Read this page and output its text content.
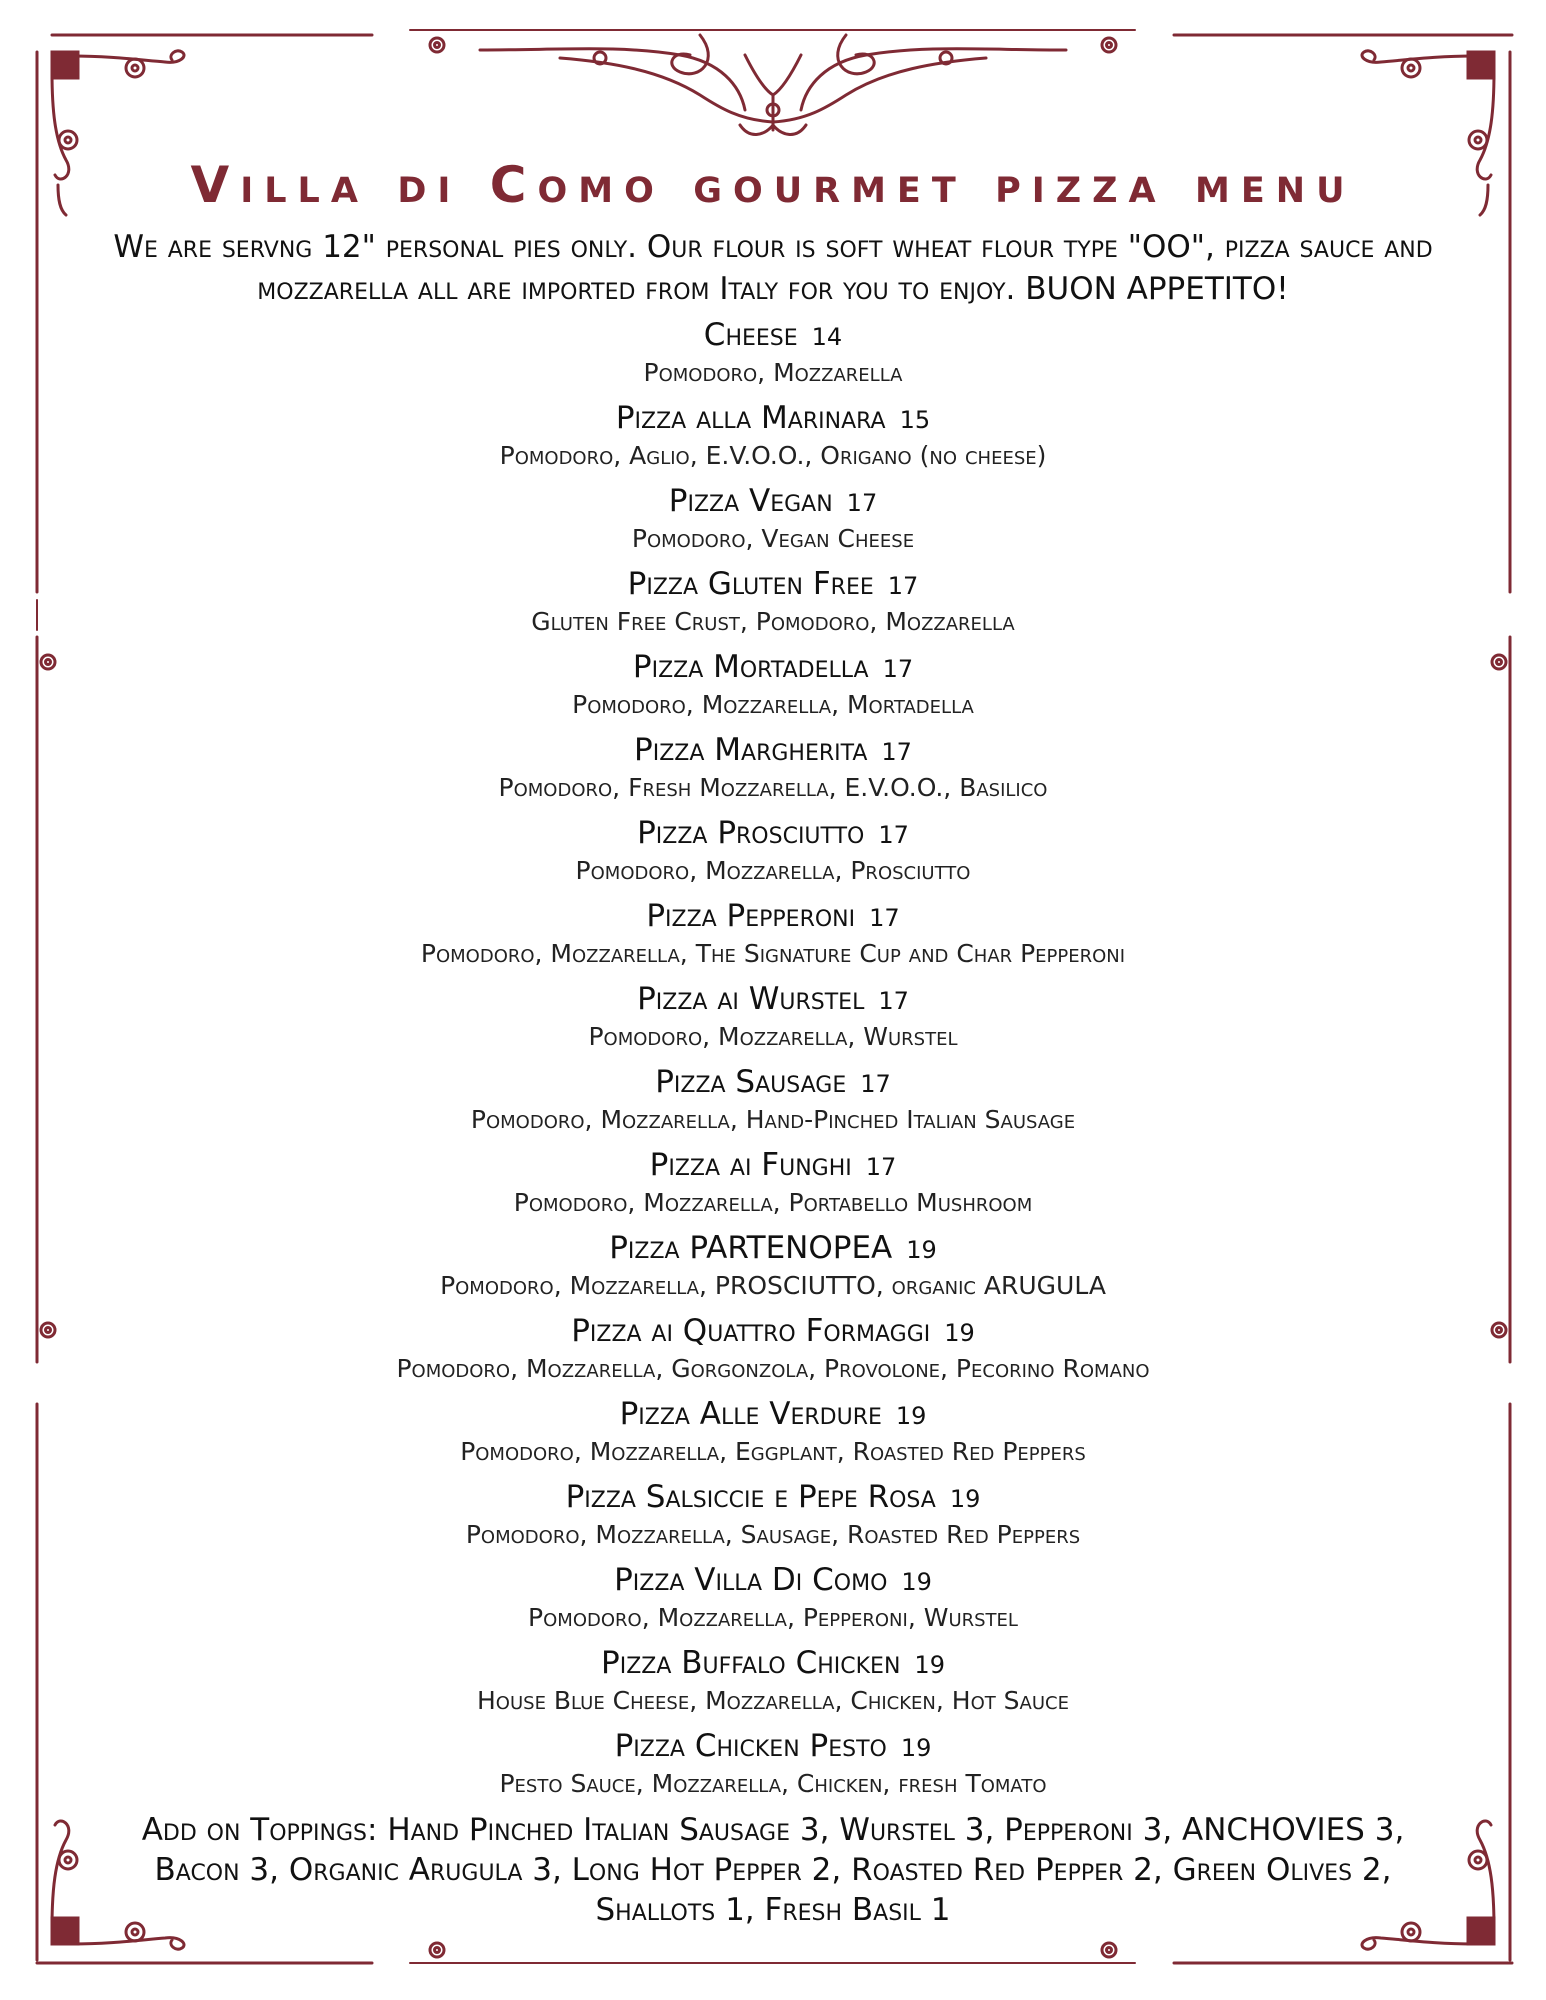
Villa di Como gourmet pizza menu

We are servng 12" personal pies only. Our flour is soft wheat flour type "OO", pizza sauce and mozzarella all are imported from Italy for you to enjoy. BUON APPETITO!

Cheese 14
Pomodoro, Mozzarella
Pizza alla Marinara 15
Pomodoro, Aglio, E.V.O.O., Origano (no cheese)
Pizza Vegan 17
Pomodoro, Vegan Cheese
Pizza Gluten Free 17
Gluten Free Crust, Pomodoro, Mozzarella
Pizza Mortadella 17
Pomodoro, Mozzarella, Mortadella
Pizza Margherita 17
Pomodoro, Fresh Mozzarella, E.V.O.O., Basilico
Pizza Prosciutto 17
Pomodoro, Mozzarella, Prosciutto
Pizza Pepperoni 17
Pomodoro, Mozzarella, The Signature Cup and Char Pepperoni
Pizza ai Wurstel 17
Pomodoro, Mozzarella, Wurstel
Pizza Sausage 17
Pomodoro, Mozzarella, Hand-Pinched Italian Sausage
Pizza ai Funghi 17
Pomodoro, Mozzarella, Portabello Mushroom
Pizza PARTENOPEA 19
Pomodoro, Mozzarella, PROSCIUTTO, organic ARUGULA
Pizza ai Quattro Formaggi 19
Pomodoro, Mozzarella, Gorgonzola, Provolone, Pecorino Romano
Pizza Alle Verdure 19
Pomodoro, Mozzarella, Eggplant, Roasted Red Peppers
Pizza Salsiccie e Pepe Rosa 19
Pomodoro, Mozzarella, Sausage, Roasted Red Peppers
Pizza Villa Di Como 19
Pomodoro, Mozzarella, Pepperoni, Wurstel
Pizza Buffalo Chicken 19
House Blue Cheese, Mozzarella, Chicken, Hot Sauce
Pizza Chicken Pesto 19
Pesto Sauce, Mozzarella, Chicken, fresh Tomato

Add on Toppings: Hand Pinched Italian Sausage 3, Wurstel 3, Pepperoni 3, ANCHOVIES 3, Bacon 3, Organic Arugula 3, Long Hot Pepper 2, Roasted Red Pepper 2, Green Olives 2, Shallots 1, Fresh Basil 1
